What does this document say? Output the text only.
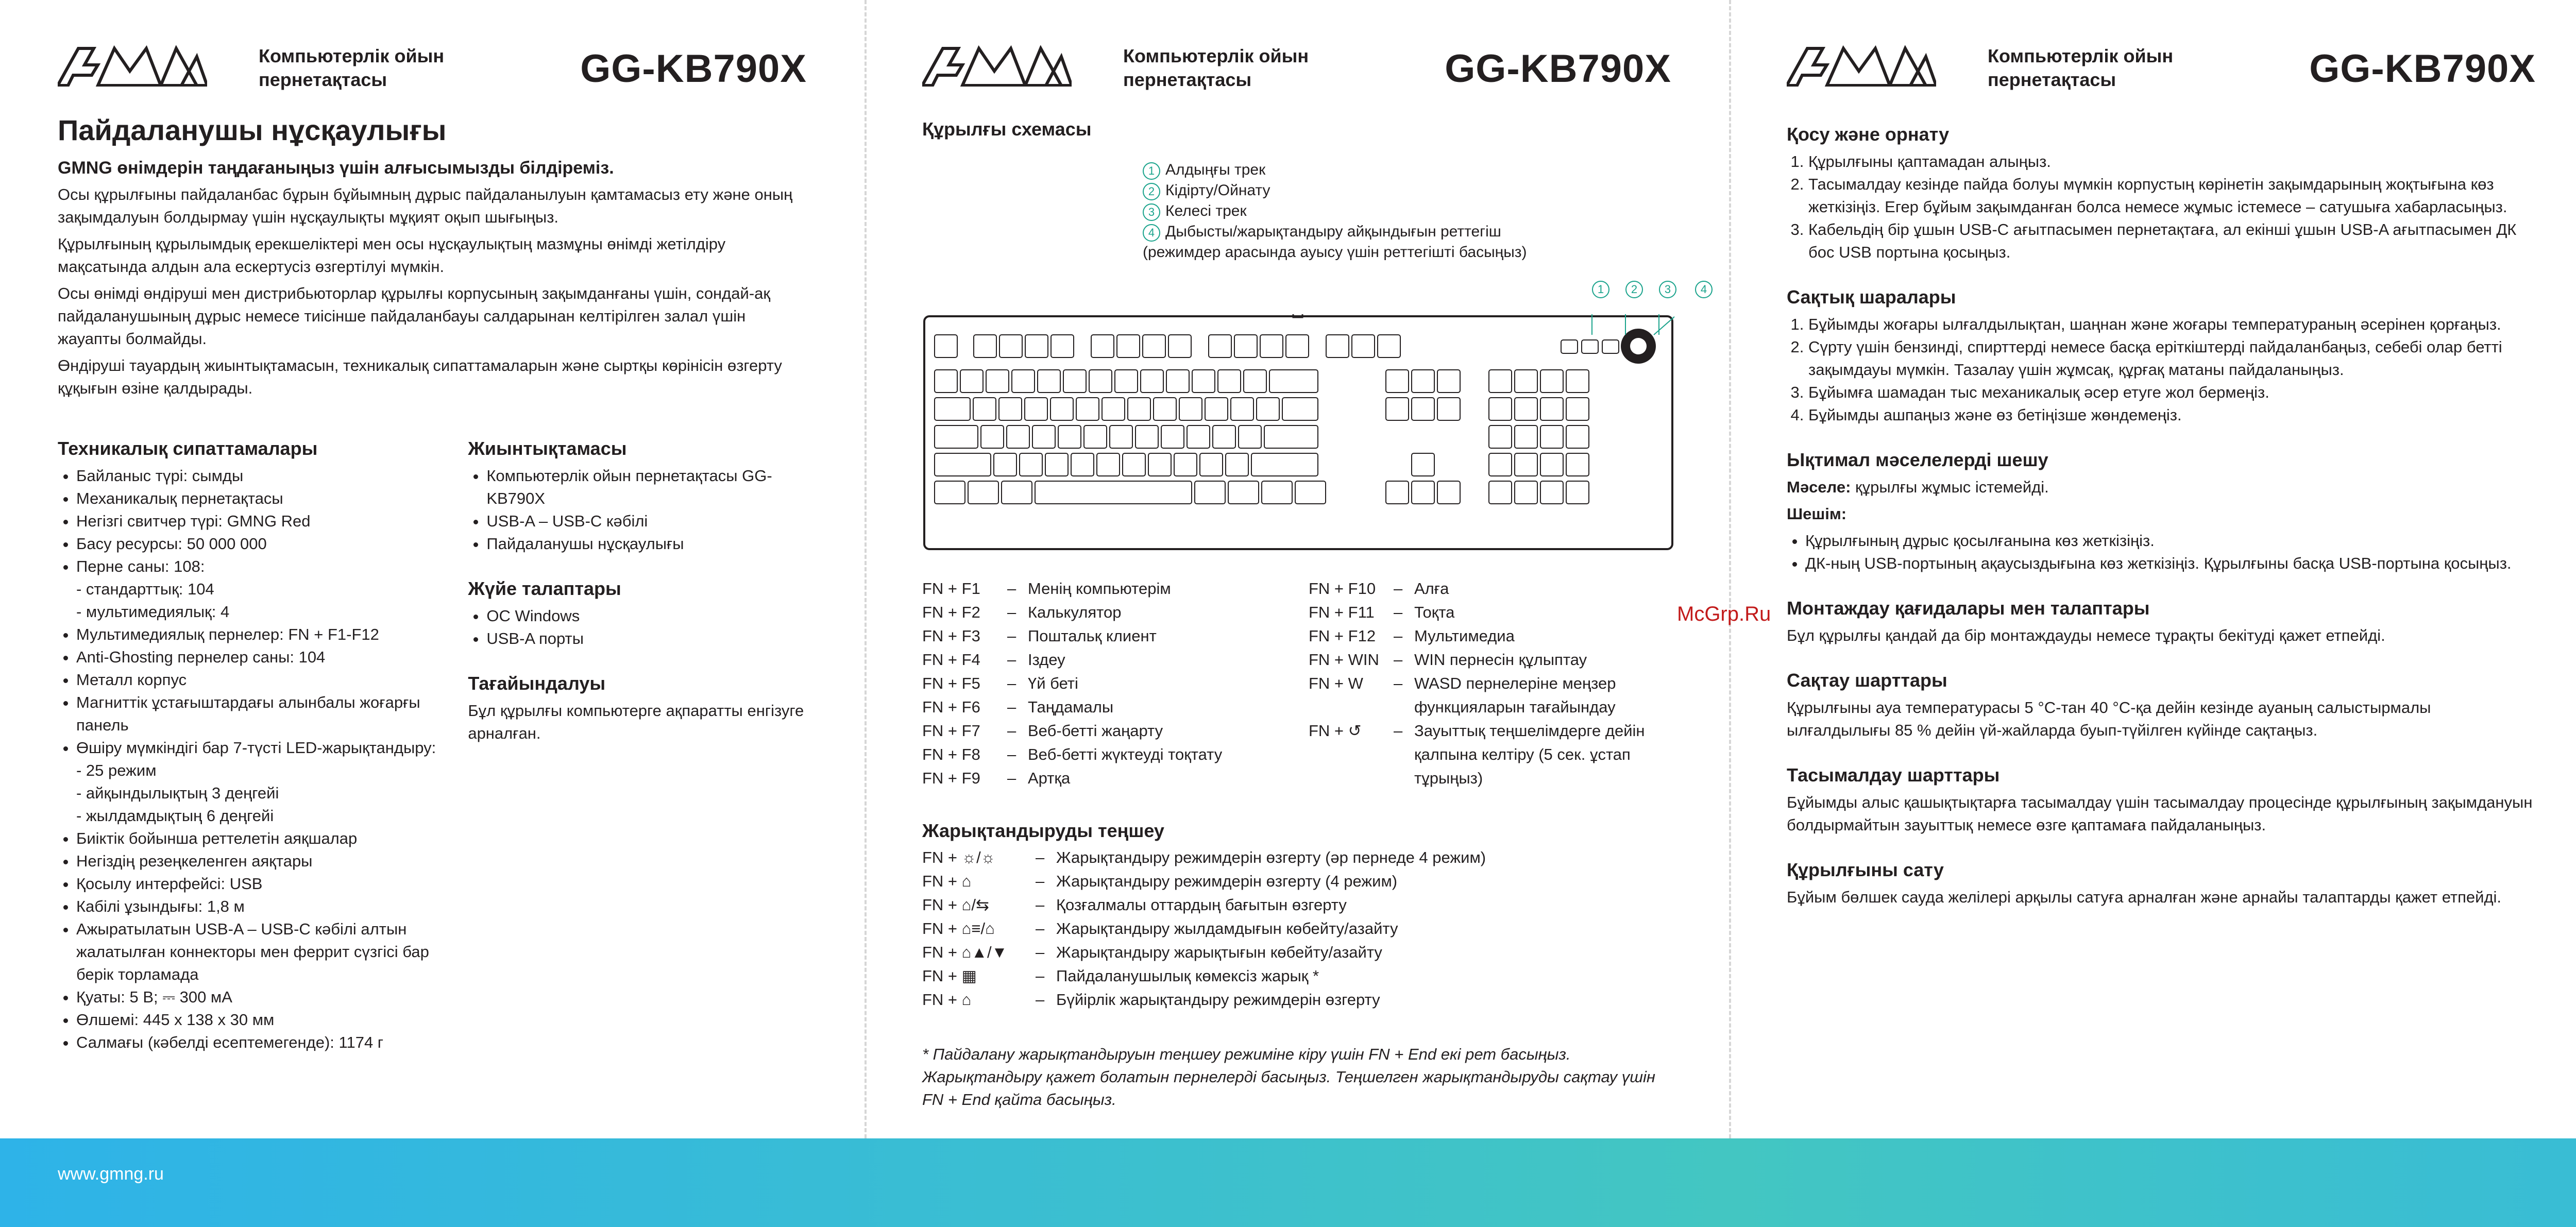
Компьютерлік ойын
пернетақтасы	GG-KB790X
Пайдаланушы нұсқаулығы
GMNG өнімдерін таңдағаныңыз үшін алғысымызды білдіреміз.

Осы құрылғыны пайдаланбас бұрын бұйымның дұрыс пайдаланылуын қамтамасыз ету және оның зақымдалуын болдырмау үшін нұсқаулықты мұқият оқып шығыңыз.

Құрылғының құрылымдық ерекшеліктері мен осы нұсқаулықтың мазмұны өнімді жетілдіру мақсатында алдын ала ескертусіз өзгертілуі мүмкін.

Осы өнімді өндіруші мен дистрибьюторлар құрылғы корпусының зақымданғаны үшін, сондай-ақ пайдаланушының дұрыс немесе тиісінше пайдаланбауы салдарынан келтірілген залал үшін жауапты болмайды.

Өндіруші тауардың жиынтықтамасын, техникалық сипаттамаларын және сыртқы көрінісін өзгерту құқығын өзіне қалдырады.

Техникалық сипаттамалары
• Байланыс түрі: сымды
• Механикалық пернетақтасы
• Негізгі свитчер түрі: GMNG Red
• Басу ресурсы: 50 000 000
• Перне саны: 108:
- стандарттық: 104
- мультимедиялық: 4
• Мультимедиялық пернелер: FN + F1-F12
• Anti-Ghosting пернелер саны: 104
• Металл корпус
• Магниттік ұстағыштардағы алынбалы жоғарғы панель
• Өшіру мүмкіндігі бар 7-түсті LED-жарықтандыру:
- 25 режим
- айқындылықтың 3 деңгейі
- жылдамдықтың 6 деңгейі
• Биіктік бойынша реттелетін аяқшалар
• Негіздің резеңкеленген аяқтары
• Қосылу интерфейсі: USB
• Кабілі ұзындығы: 1,8 м
• Ажыратылатын USB-A – USB-C кәбілі алтын жалатылған коннекторы мен феррит сүзгісі бар берік торламада
• Қуаты: 5 В; ⎓ 300 мА
• Өлшемі: 445 х 138 х 30 мм
• Салмағы (кәбелді есептемегенде): 1174 г
Жиынтықтамасы
• Компьютерлік ойын пернетақтасы GG-KB790X
• USB-A – USB-C кәбілі
• Пайдаланушы нұсқаулығы
Жүйе талаптары
• ОС Windows
• USB-A порты
Тағайындалуы

Бұл құрылғы компьютерге ақпаратты енгізуге арналған.

Компьютерлік ойын
пернетақтасы	GG-KB790X
Құрылғы схемасы
1 Алдыңғы трек
2 Кідірту/Ойнату
3 Келесі трек
4 Дыбысты/жарықтандыру айқындығын реттегіш (режимдер арасында ауысу үшін реттегішті басыңыз)
1	2	3	4
FN + F1 – Менің компьютерім
FN + F2 – Калькулятор
FN + F3 – Поштальқ клиент
FN + F4 – Іздеу
FN + F5 – Үй беті
FN + F6 – Таңдамалы
FN + F7 – Веб-бетті жаңарту
FN + F8 – Веб-бетті жүктеуді тоқтату
FN + F9 – Артқа
FN + F10 – Алға
FN + F11 – Тоқта
FN + F12 – Мультимедиа
FN + WIN – WIN пернесін құлыптау
FN + W	– WASD пернелеріне меңзер функцияларын тағайындау
FN + ↺	– Зауыттық теңшелімдерге дейін қалпына келтіру (5 сек. ұстап тұрыңыз)
Жарықтандыруды теңшеу
FN + ☼/☼	– Жарықтандыру режимдерін өзгерту (әр пернеде 4 режим)
FN + ⌂	– Жарықтандыру режимдерін өзгерту (4 режим)
FN + ⌂/⇆	– Қозғалмалы оттардың бағытын өзгерту
FN + ⌂≡/⌂	– Жарықтандыру жылдамдығын көбейту/азайту
FN + ⌂▲/▼ – Жарықтандыру жарықтығын көбейту/азайту
FN + ▦	– Пайдаланушылық көмексіз жарық *
FN + ⌂	– Бүйірлік жарықтандыру режимдерін өзгерту
* Пайдалану жарықтандыруын теңшеу режиміне кіру үшін FN + End екі рет басыңыз.
Жарықтандыру қажет болатын пернелерді басыңыз. Теңшелген жарықтандыруды сақтау үшін FN + End қайта басыңыз.
Компьютерлік ойын
пернетақтасы	GG-KB790X
Қосу және орнату
1. Құрылғыны қаптамадан алыңыз.
2. Тасымалдау кезінде пайда болуы мүмкін корпустың көрінетін зақымдарының жоқтығына көз жеткізіңіз. Егер бұйым зақымданған болса немесе жұмыс істемесе – сатушыға хабарласыңыз.
3. Кабельдің бір ұшын USB-C ағытпасымен пернетақтаға, ал екінші ұшын USB-A ағытпасымен ДК бос USB портына қосыңыз.
Сақтық шаралары
1. Бұйымды жоғары ылғалдылықтан, шаңнан және жоғары температураның әсерінен қорғаңыз.
2. Сүрту үшін бензинді, спирттерді немесе басқа еріткіштерді пайдаланбаңыз, себебі олар беттi зақымдауы мүмкін. Тазалау үшін жұмсақ, құрғақ матаны пайдаланыңыз.
3. Бұйымға шамадан тыс механикалық әсер етуге жол бермеңіз.
4. Бұйымды ашпаңыз және өз бетіңізше жөндемеңіз.
Ықтимал мәселелерді шешу

Мәселе: құрылғы жұмыс істемейді.

Шешім:

• Құрылғының дұрыс қосылғанына көз жеткізіңіз.
• ДК-ның USB-портының ақаусыздығына көз жеткізіңіз. Құрылғыны басқа USB-портына қосыңыз.
Монтаждау қағидалары мен талаптары

Бұл құрылғы қандай да бір монтаждауды немесе тұрақты бекітуді қажет етпейді.

Сақтау шарттары

Құрылғыны ауа температурасы 5 °С-тан 40 °С-қа дейін кезінде ауаның салыстырмалы ылғалдылығы 85 % дейін үй-жайларда буып-түйілген күйінде сақтаңыз.

Тасымалдау шарттары

Бұйымды алыс қашықтықтарға тасымалдау үшін тасымалдау процесінде құрылғының зақымдануын болдырмайтын зауыттық немесе өзге қаптамаға пайдаланыңыз.

Құрылғыны сату

Бұйым бөлшек сауда желілері арқылы сатуға арналған және арнайы талаптарды қажет етпейді.

McGrp.Ru
www.gmng.ru
